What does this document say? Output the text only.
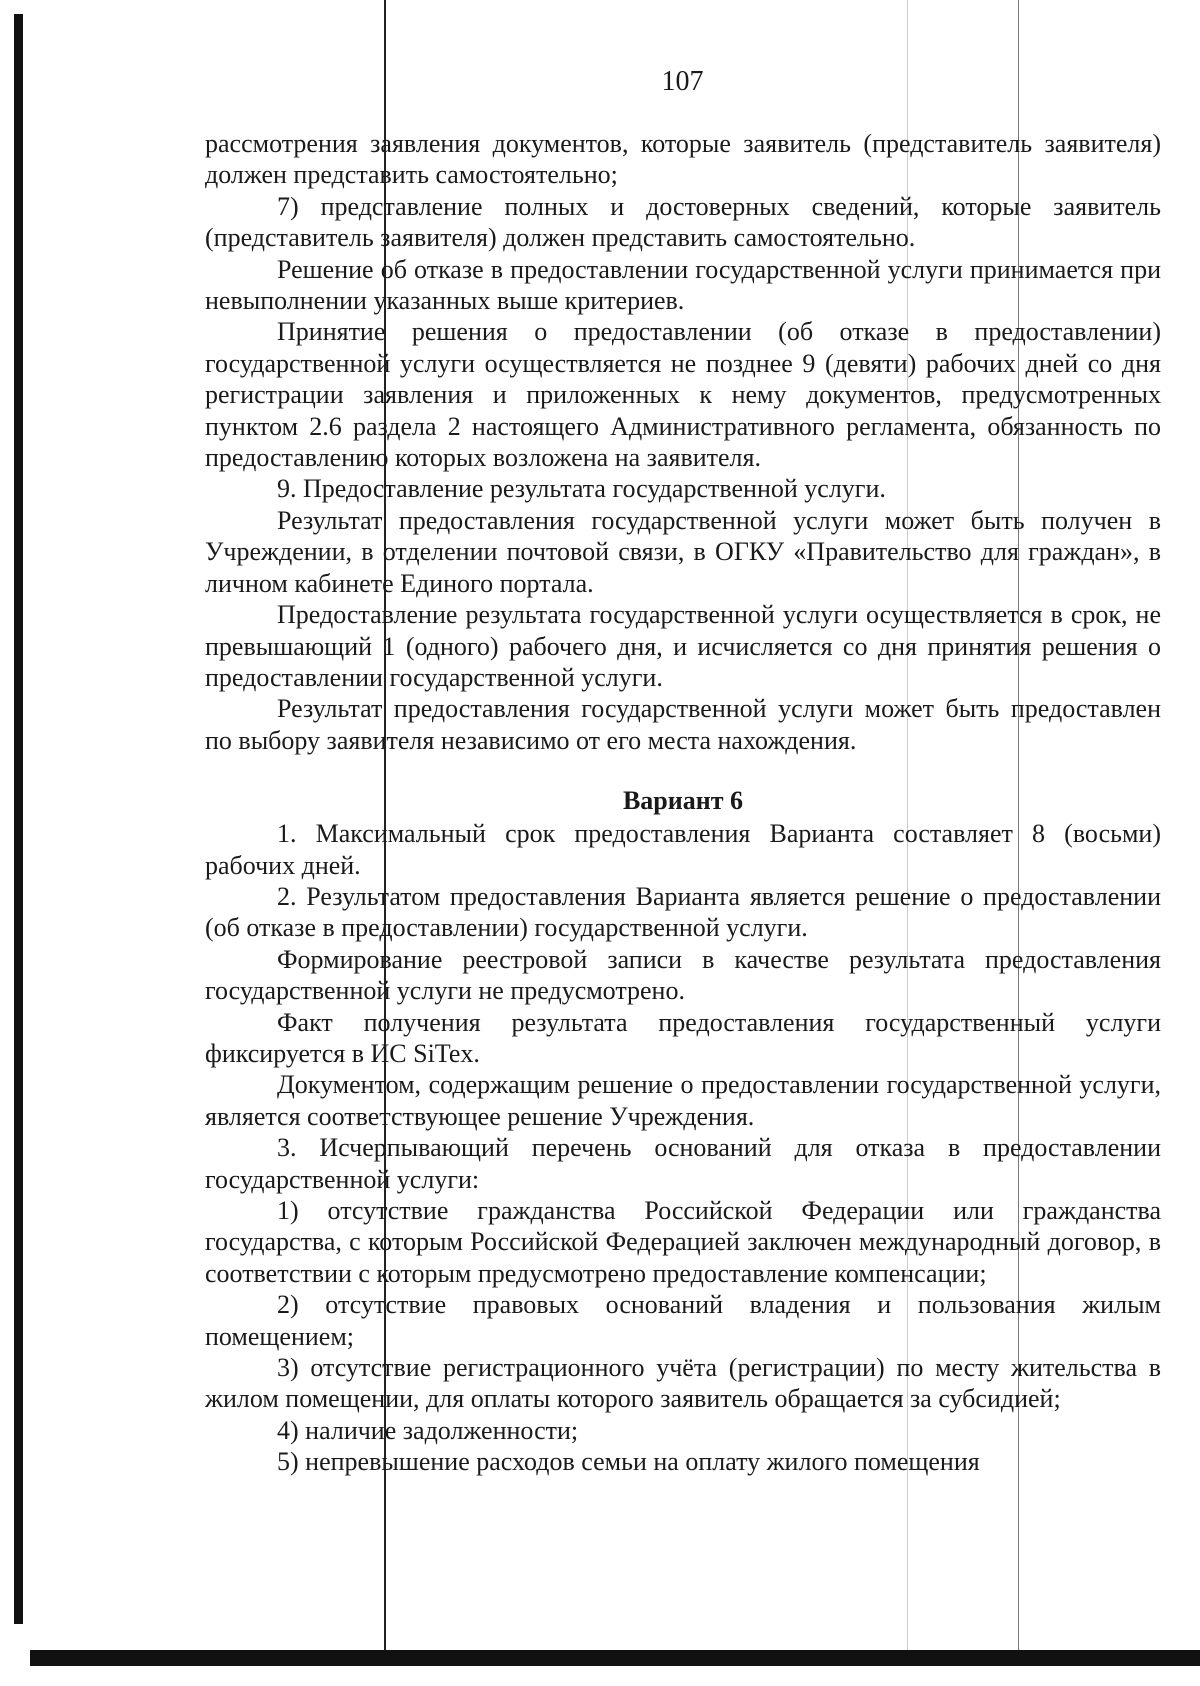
107

рассмотрения заявления документов, которые заявитель (представитель заявителя) должен представить самостоятельно;

7) представление полных и достоверных сведений, которые заявитель (представитель заявителя) должен представить самостоятельно.

Решение об отказе в предоставлении государственной услуги принимается при невыполнении указанных выше критериев.

Принятие решения о предоставлении (об отказе в предоставлении) государственной услуги осуществляется не позднее 9 (девяти) рабочих дней со дня регистрации заявления и приложенных к нему документов, предусмотренных пунктом 2.6 раздела 2 настоящего Административного регламента, обязанность по предоставлению которых возложена на заявителя.

9. Предоставление результата государственной услуги.

Результат предоставления государственной услуги может быть получен в Учреждении, в отделении почтовой связи, в ОГКУ «Правительство для граждан», в личном кабинете Единого портала.

Предоставление результата государственной услуги осуществляется в срок, не превышающий 1 (одного) рабочего дня, и исчисляется со дня принятия решения о предоставлении государственной услуги.

Результат предоставления государственной услуги может быть предоставлен по выбору заявителя независимо от его места нахождения.

Вариант 6

1. Максимальный срок предоставления Варианта составляет 8 (восьми) рабочих дней.

2. Результатом предоставления Варианта является решение о предоставлении (об отказе в предоставлении) государственной услуги.

Формирование реестровой записи в качестве результата предоставления государственной услуги не предусмотрено.

Факт получения результата предоставления государственный услуги фиксируется в ИС SiTex.

Документом, содержащим решение о предоставлении государственной услуги, является соответствующее решение Учреждения.

3. Исчерпывающий перечень оснований для отказа в предоставлении государственной услуги:

1) отсутствие гражданства Российской Федерации или гражданства государства, с которым Российской Федерацией заключен международный договор, в соответствии с которым предусмотрено предоставление компенсации;

2) отсутствие правовых оснований владения и пользования жилым помещением;

3) отсутствие регистрационного учёта (регистрации) по месту жительства в жилом помещении, для оплаты которого заявитель обращается за субсидией;

4) наличие задолженности;

5) непревышение расходов семьи на оплату жилого помещения
